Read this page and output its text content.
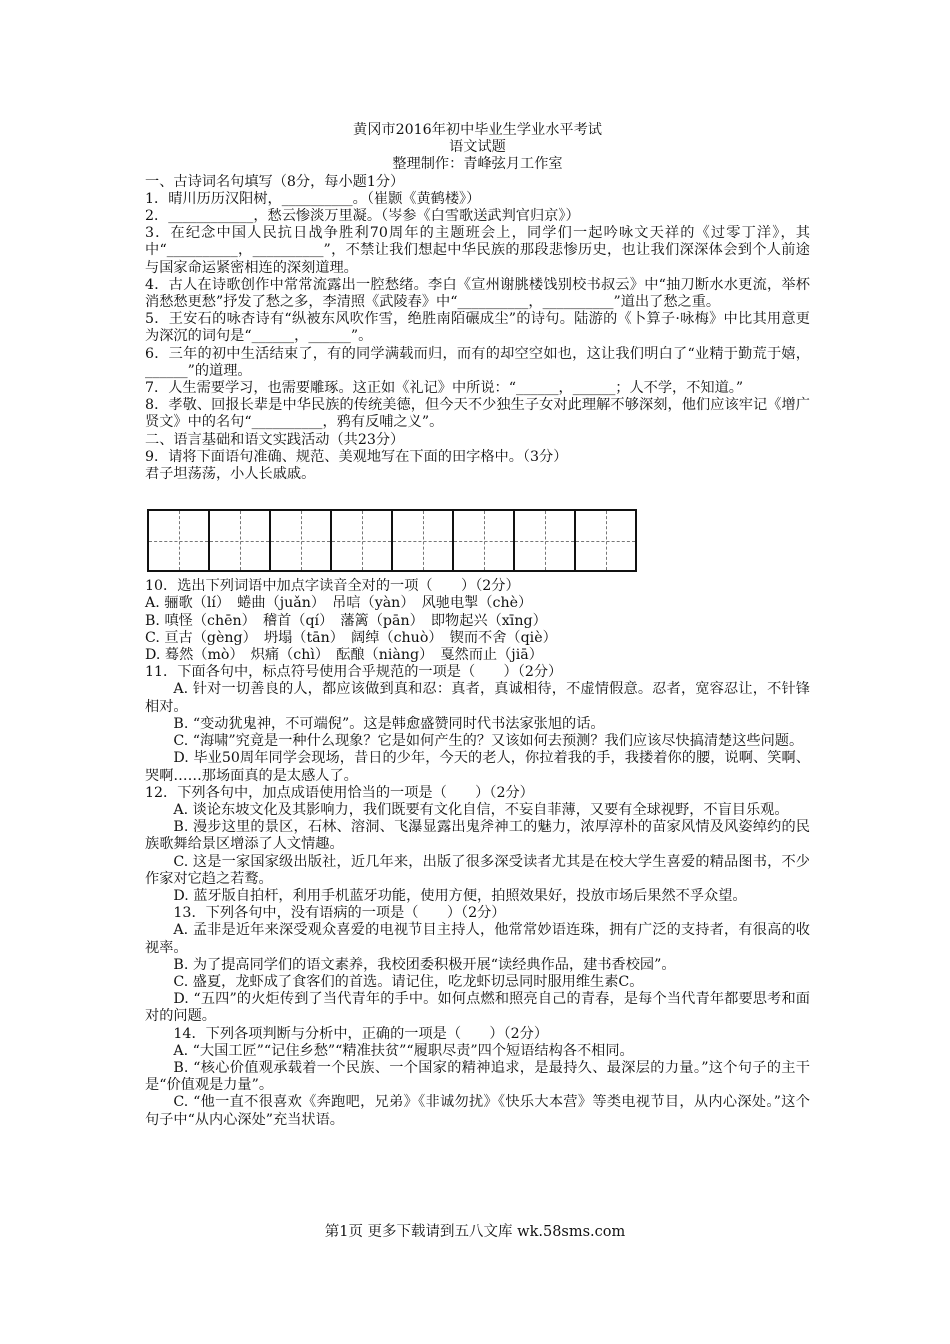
黄冈市2016年初中毕业生学业水平考试
语文试题
整理制作：青峰弦月工作室

一、古诗词名句填写（8分，每小题1分）

1．晴川历历汉阳树，__________。（崔颢《黄鹤楼》）

2．____________，愁云惨淡万里凝。（岑参《白雪歌送武判官归京》）

3．在纪念中国人民抗日战争胜利70周年的主题班会上，同学们一起吟咏文天祥的《过零丁洋》，其中“__________，__________”，不禁让我们想起中华民族的那段悲惨历史，也让我们深深体会到个人前途与国家命运紧密相连的深刻道理。

4．古人在诗歌创作中常常流露出一腔愁绪。李白《宣州谢朓楼饯别校书叔云》中“抽刀断水水更流，举杯消愁愁更愁”抒发了愁之多，李清照《武陵春》中“__________，__________”道出了愁之重。

5．王安石的咏杏诗有“纵被东风吹作雪，绝胜南陌碾成尘”的诗句。陆游的《卜算子·咏梅》中比其用意更为深沉的词句是“______，______”。

6．三年的初中生活结束了，有的同学满载而归，而有的却空空如也，这让我们明白了“业精于勤荒于嬉，______”的道理。

7．人生需要学习，也需要雕琢。这正如《礼记》中所说：“______，______；人不学，不知道。”

8．孝敬、回报长辈是中华民族的传统美德，但今天不少独生子女对此理解不够深刻，他们应该牢记《增广贤文》中的名句“__________，鸦有反哺之义”。

二、语言基础和语文实践活动（共23分）

9．请将下面语句准确、规范、美观地写在下面的田字格中。（3分）

君子坦荡荡，小人长戚戚。

10．选出下列词语中加点字读音全对的一项（　　）（2分）

A. 骊歌（lí）　蜷曲（juǎn）　吊唁（yàn）　风驰电掣（chè）

B. 嗔怪（chēn）　稽首（qí）　藩篱（pān）　即物起兴（xīng）

C. 亘古（gèng）　坍塌（tān）　阔绰（chuò）　锲而不舍（qiè）

D. 蓦然（mò）　炽痛（chì）　酝酿（niàng）　戛然而止（jiā）

11．下面各句中，标点符号使用合乎规范的一项是（　　）（2分）

A. 针对一切善良的人，都应该做到真和忍：真者，真诚相待，不虚情假意。忍者，宽容忍让，不针锋相对。

B. “变动犹鬼神，不可端倪”。这是韩愈盛赞同时代书法家张旭的话。

C. “海啸”究竟是一种什么现象？它是如何产生的？又该如何去预测？我们应该尽快搞清楚这些问题。

D. 毕业50周年同学会现场，昔日的少年，今天的老人，你拉着我的手，我搂着你的腰，说啊、笑啊、哭啊……那场面真的是太感人了。

12．下列各句中，加点成语使用恰当的一项是（　　）（2分）

A. 谈论东坡文化及其影响力，我们既要有文化自信，不妄自菲薄，又要有全球视野，不盲目乐观。

B. 漫步这里的景区，石林、溶洞、飞瀑显露出鬼斧神工的魅力，浓厚淳朴的苗家风情及风姿绰约的民族歌舞给景区增添了人文情趣。

C. 这是一家国家级出版社，近几年来，出版了很多深受读者尤其是在校大学生喜爱的精品图书，不少作家对它趋之若鹜。

D. 蓝牙版自拍杆，利用手机蓝牙功能，使用方便，拍照效果好，投放市场后果然不孚众望。

13．下列各句中，没有语病的一项是（　　）（2分）

A. 孟非是近年来深受观众喜爱的电视节目主持人，他常常妙语连珠，拥有广泛的支持者，有很高的收视率。

B. 为了提高同学们的语文素养，我校团委积极开展“读经典作品，建书香校园”。

C. 盛夏，龙虾成了食客们的首选。请记住，吃龙虾切忌同时服用维生素C。

D. “五四”的火炬传到了当代青年的手中。如何点燃和照亮自己的青春，是每个当代青年都要思考和面对的问题。

14．下列各项判断与分析中，正确的一项是（　　）（2分）

A. “大国工匠”“记住乡愁”“精准扶贫”“履职尽责”四个短语结构各不相同。

B. “核心价值观承载着一个民族、一个国家的精神追求，是最持久、最深层的力量。”这个句子的主干是“价值观是力量”。

C. “他一直不很喜欢《奔跑吧，兄弟》《非诚勿扰》《快乐大本营》等类电视节目，从内心深处。”这个句子中“从内心深处”充当状语。

第1页 更多下载请到五八文库 wk.58sms.com
